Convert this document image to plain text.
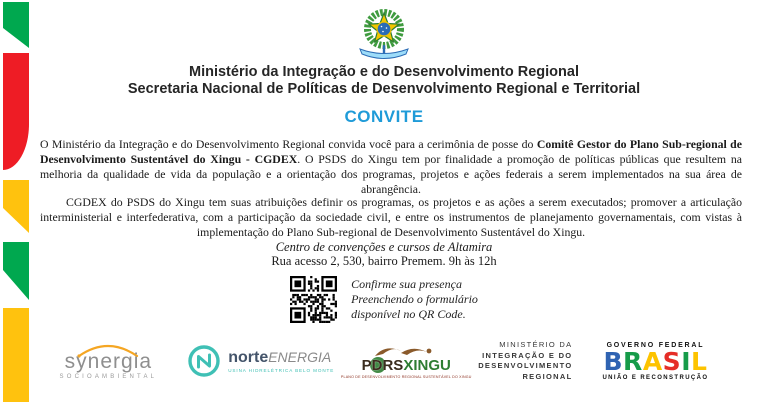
Ministério da Integração e do Desenvolvimento Regional
Secretaria Nacional de Políticas de Desenvolvimento Regional e Territorial
CONVITE

O Ministério da Integração e do Desenvolvimento Regional convida você para a cerimônia de posse do Comitê Gestor do Plano Sub-regional de Desenvolvimento Sustentável do Xingu - CGDEX. O PSDS do Xingu tem por finalidade a promoção de políticas públicas que resultem na melhoria da qualidade de vida da população e a orientação dos programas, projetos e ações federais a serem implementados na sua área de abrangência.

CGDEX do PSDS do Xingu tem suas atribuições definir os programas, os projetos e as ações a serem executados; promover a articulação interministerial e interfederativa, com a participação da sociedade civil, e entre os instrumentos de planejamento governamentais, com vistas à implementação do Plano Sub-regional de Desenvolvimento Sustentável do Xingu.

Centro de convenções e cursos de Altamira
Rua acesso 2, 530, bairro Premem. 9h às 12h
Confirme sua presença
Preenchendo o formulário
disponível no QR Code.
synergia
SOCIOAMBIENTAL
norteENERGIA
USINA HIDRELÉTRICA BELO MONTE PDRSXINGU
PLANO DE DESENVOLVIMENTO REGIONAL SUSTENTÁVEL DO XINGU
MINISTÉRIO DA
INTEGRAÇÃO E DO
DESENVOLVIMENTO
REGIONAL
GOVERNO FEDERAL
BRASIL
UNIÃO E RECONSTRUÇÃO
